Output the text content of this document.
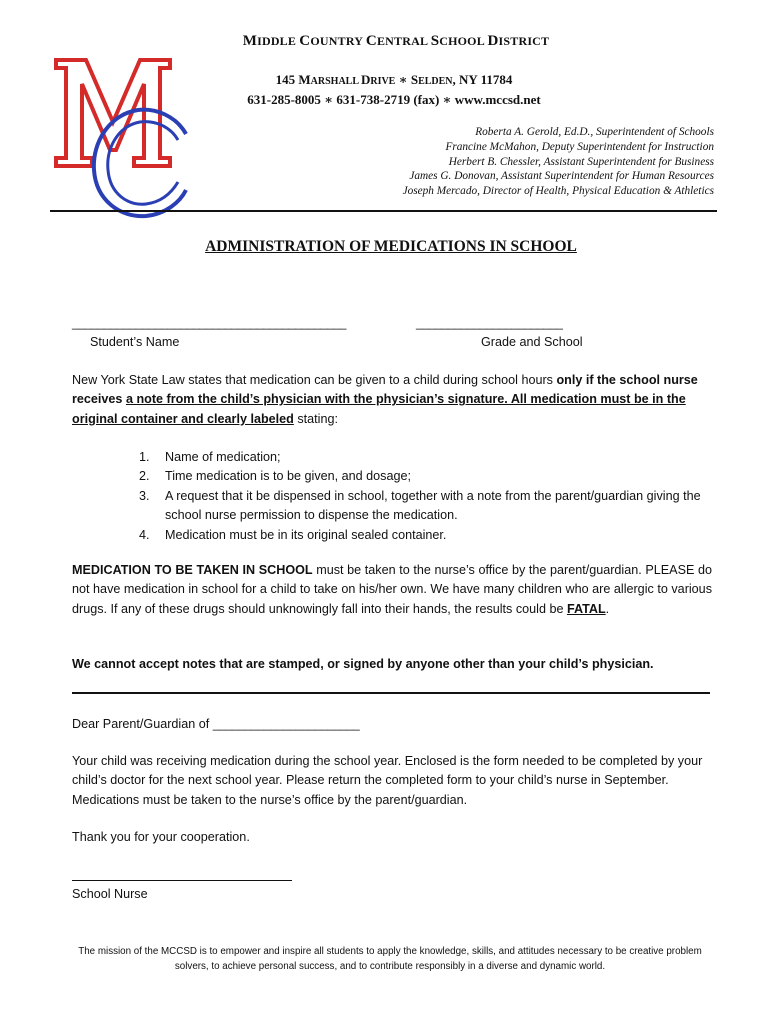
MIDDLE COUNTRY CENTRAL SCHOOL DISTRICT
145 MARSHALL DRIVE ∗ SELDEN, NY 11784
631-285-8005 ∗ 631-738-2719 (fax) ∗ www.mccsd.net
Roberta A. Gerold, Ed.D., Superintendent of Schools
Francine McMahon, Deputy Superintendent for Instruction
Herbert B. Chessler, Assistant Superintendent for Business
James G. Donovan, Assistant Superintendent for Human Resources
Joseph Mercado, Director of Health, Physical Education & Athletics
ADMINISTRATION OF MEDICATIONS IN SCHOOL
___________________________________________	_______________________
Student’s Name	Grade and School
New York State Law states that medication can be given to a child during school hours only if the school nurse receives a note from the child’s physician with the physician’s signature. All medication must be in the original container and clearly labeled stating:
1. Name of medication;
2. Time medication is to be given, and dosage;
3. A request that it be dispensed in school, together with a note from the parent/guardian giving the school nurse permission to dispense the medication.
4. Medication must be in its original sealed container.
MEDICATION TO BE TAKEN IN SCHOOL must be taken to the nurse’s office by the parent/guardian. PLEASE do not have medication in school for a child to take on his/her own. We have many children who are allergic to various drugs. If any of these drugs should unknowingly fall into their hands, the results could be FATAL.
We cannot accept notes that are stamped, or signed by anyone other than your child’s physician.
Dear Parent/Guardian of _______________________
Your child was receiving medication during the school year. Enclosed is the form needed to be completed by your child’s doctor for the next school year. Please return the completed form to your child’s nurse in September. Medications must be taken to the nurse’s office by the parent/guardian.
Thank you for your cooperation.
School Nurse
The mission of the MCCSD is to empower and inspire all students to apply the knowledge, skills, and attitudes necessary to be creative problem solvers, to achieve personal success, and to contribute responsibly in a diverse and dynamic world.
